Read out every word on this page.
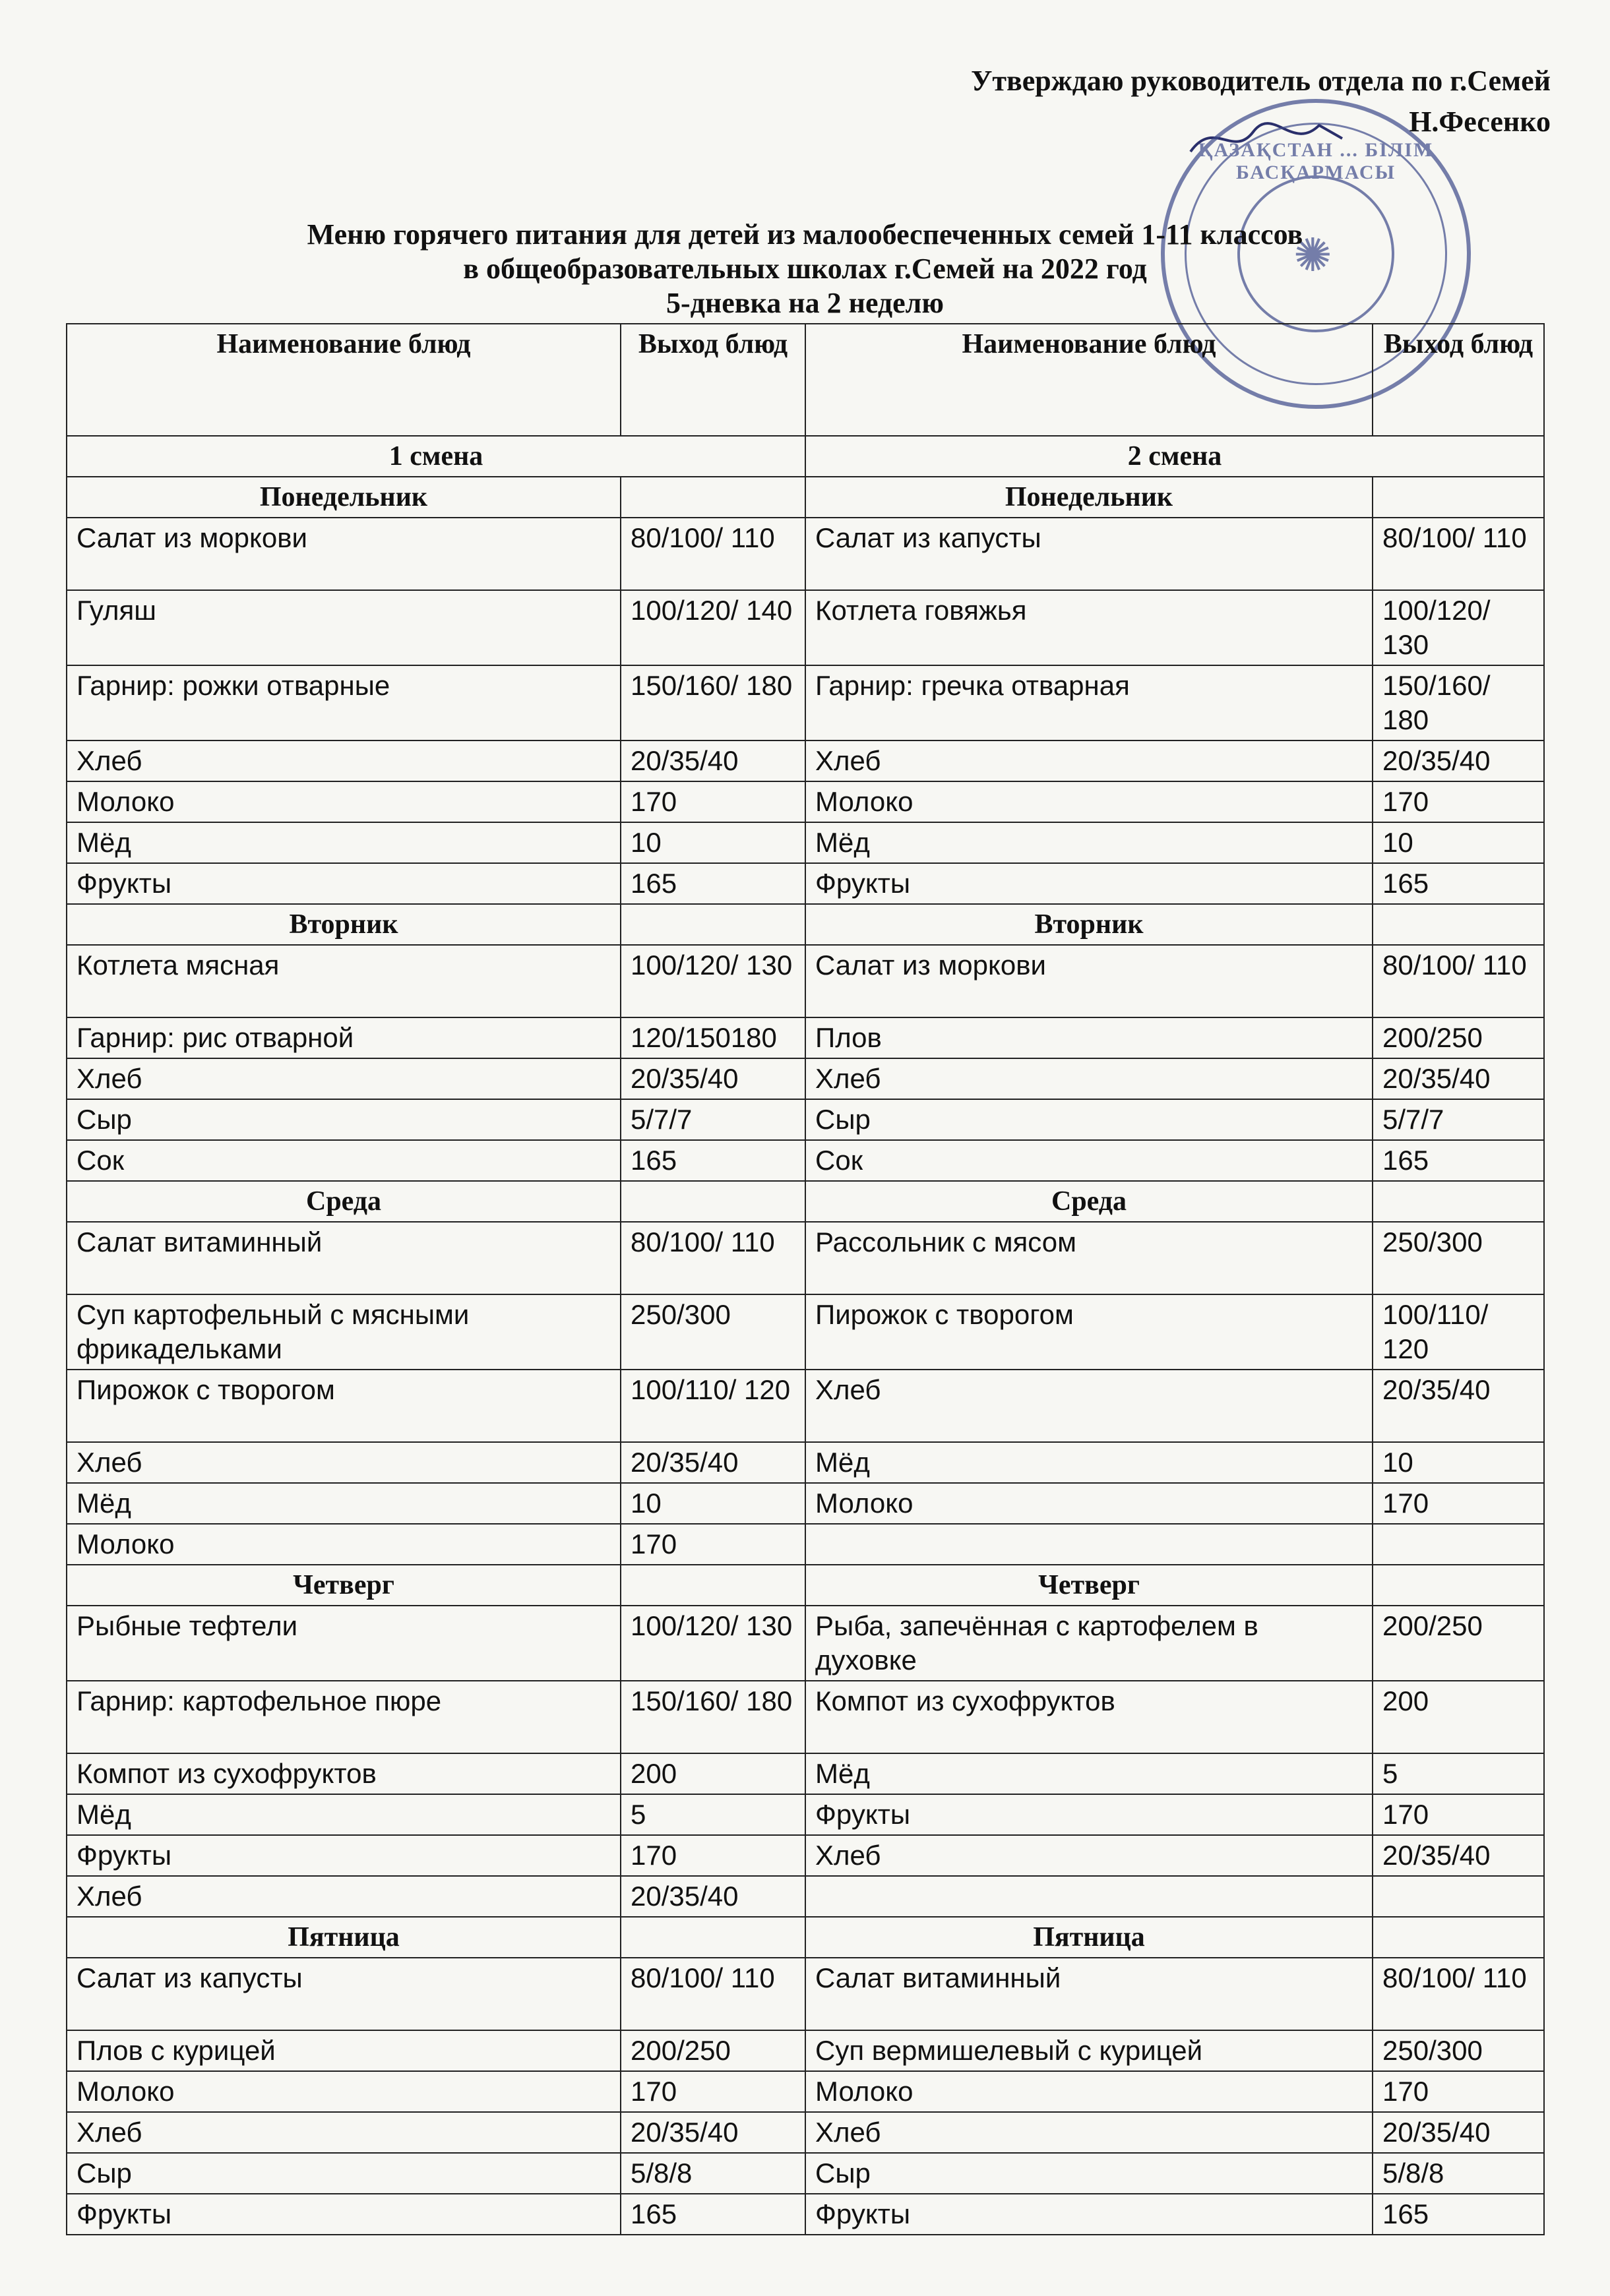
Утверждаю руководитель отдела по г.Семей
Н.Фесенко
ҚАЗАҚСТАН ... БІЛІМ БАСҚАРМАСЫ
✺
Меню горячего питания для детей из малообеспеченных семей 1-11 классов
в общеобразовательных школах г.Семей на 2022 год
5-дневка на 2 неделю
Наименование блюд	Выход блюд	Наименование блюд	Выход блюд
1 смена		2 смена	
Понедельник		Понедельник	
Салат из моркови	80/100/ 110	Салат из капусты	80/100/ 110
Гуляш	100/120/ 140	Котлета говяжья	100/120/ 130
Гарнир: рожки отварные	150/160/ 180	Гарнир: гречка отварная	150/160/ 180
Хлеб	20/35/40	Хлеб	20/35/40
Молоко	170	Молоко	170
Мёд	10	Мёд	10
Фрукты	165	Фрукты	165
Вторник		Вторник	
Котлета мясная	100/120/ 130	Салат из моркови	80/100/ 110
Гарнир: рис отварной	120/150180	Плов	200/250
Хлеб	20/35/40	Хлеб	20/35/40
Сыр	5/7/7	Сыр	5/7/7
Сок	165	Сок	165
Среда		Среда	
Салат витаминный	80/100/ 110	Рассольник с мясом	250/300
Суп картофельный с мясными фрикадельками	250/300	Пирожок с творогом	100/110/ 120
Пирожок с творогом	100/110/ 120	Хлеб	20/35/40
Хлеб	20/35/40	Мёд	10
Мёд	10	Молоко	170
Молоко	170		
Четверг		Четверг	
Рыбные тефтели	100/120/ 130	Рыба, запечённая с картофелем в духовке	200/250
Гарнир: картофельное пюре	150/160/ 180	Компот из сухофруктов	200
Компот из сухофруктов	200	Мёд	5
Мёд	5	Фрукты	170
Фрукты	170	Хлеб	20/35/40
Хлеб	20/35/40		
Пятница		Пятница	
Салат из капусты	80/100/ 110	Салат витаминный	80/100/ 110
Плов с курицей	200/250	Суп вермишелевый с курицей	250/300
Молоко	170	Молоко	170
Хлеб	20/35/40	Хлеб	20/35/40
Сыр	5/8/8	Сыр	5/8/8
Фрукты	165	Фрукты	165
